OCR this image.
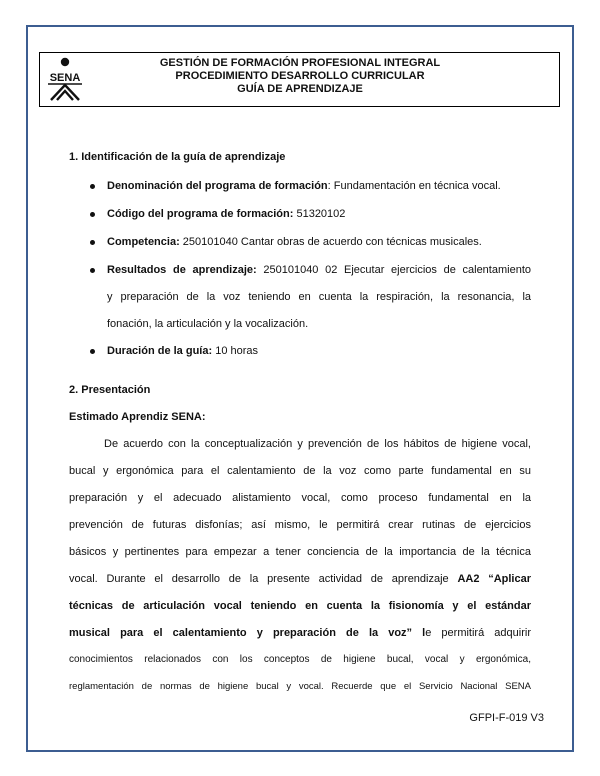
SENA
GESTIÓN DE FORMACIÓN PROFESIONAL INTEGRAL
PROCEDIMIENTO DESARROLLO CURRICULAR
GUÍA DE APRENDIZAJE
1. Identificación de la guía de aprendizaje
Denominación del programa de formación: Fundamentación en técnica vocal.
Código del programa de formación: 51320102
Competencia: 250101040 Cantar obras de acuerdo con técnicas musicales.
Resultados de aprendizaje: 250101040 02 Ejecutar ejercicios de calentamiento
y preparación de la voz teniendo en cuenta la respiración, la resonancia, la
fonación, la articulación y la vocalización.
Duración de la guía: 10 horas
2. Presentación
Estimado Aprendiz SENA:
De acuerdo con la conceptualización y prevención de los hábitos de higiene vocal,
bucal y ergonómica para el calentamiento de la voz como parte fundamental en su
preparación y el adecuado alistamiento vocal, como proceso fundamental en la
prevención de futuras disfonías; así mismo, le permitirá crear rutinas de ejercicios
básicos y pertinentes para empezar a tener conciencia de la importancia de la técnica
vocal. Durante el desarrollo de la presente actividad de aprendizaje AA2 “Aplicar
técnicas de articulación vocal teniendo en cuenta la fisionomía y el estándar
musical para el calentamiento y preparación de la voz” le permitirá adquirir
conocimientos relacionados con los conceptos de higiene bucal, vocal y ergonómica,
reglamentación de normas de higiene bucal y vocal. Recuerde que el Servicio Nacional SENA
GFPI-F-019 V3
